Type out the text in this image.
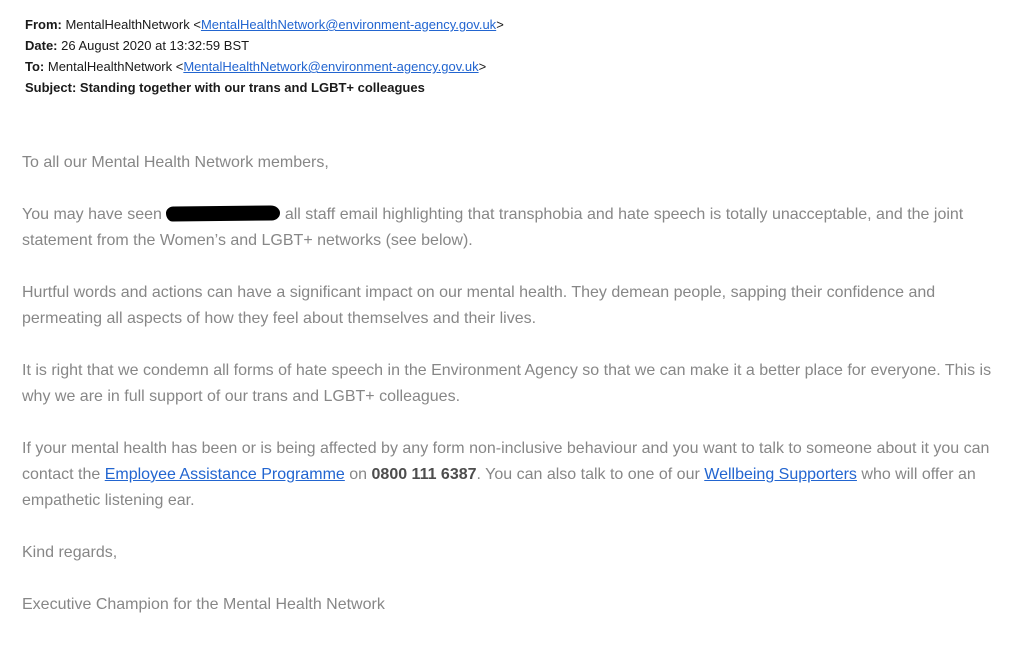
From: MentalHealthNetwork <MentalHealthNetwork@environment-agency.gov.uk>
Date: 26 August 2020 at 13:32:59 BST
To: MentalHealthNetwork <MentalHealthNetwork@environment-agency.gov.uk>
Subject: Standing together with our trans and LGBT+ colleagues

To all our Mental Health Network members,

You may have seen	all staff email highlighting that transphobia and hate speech is totally unacceptable, and the joint statement from the Women’s and LGBT+ networks (see below).

Hurtful words and actions can have a significant impact on our mental health. They demean people, sapping their confidence and permeating all aspects of how they feel about themselves and their lives.

It is right that we condemn all forms of hate speech in the Environment Agency so that we can make it a better place for everyone. This is why we are in full support of our trans and LGBT+ colleagues.

If your mental health has been or is being affected by any form non-inclusive behaviour and you want to talk to someone about it you can contact the Employee Assistance Programme on 0800 111 6387. You can also talk to one of our Wellbeing Supporters who will offer an empathetic listening ear.

Kind regards,

Executive Champion for the Mental Health Network
